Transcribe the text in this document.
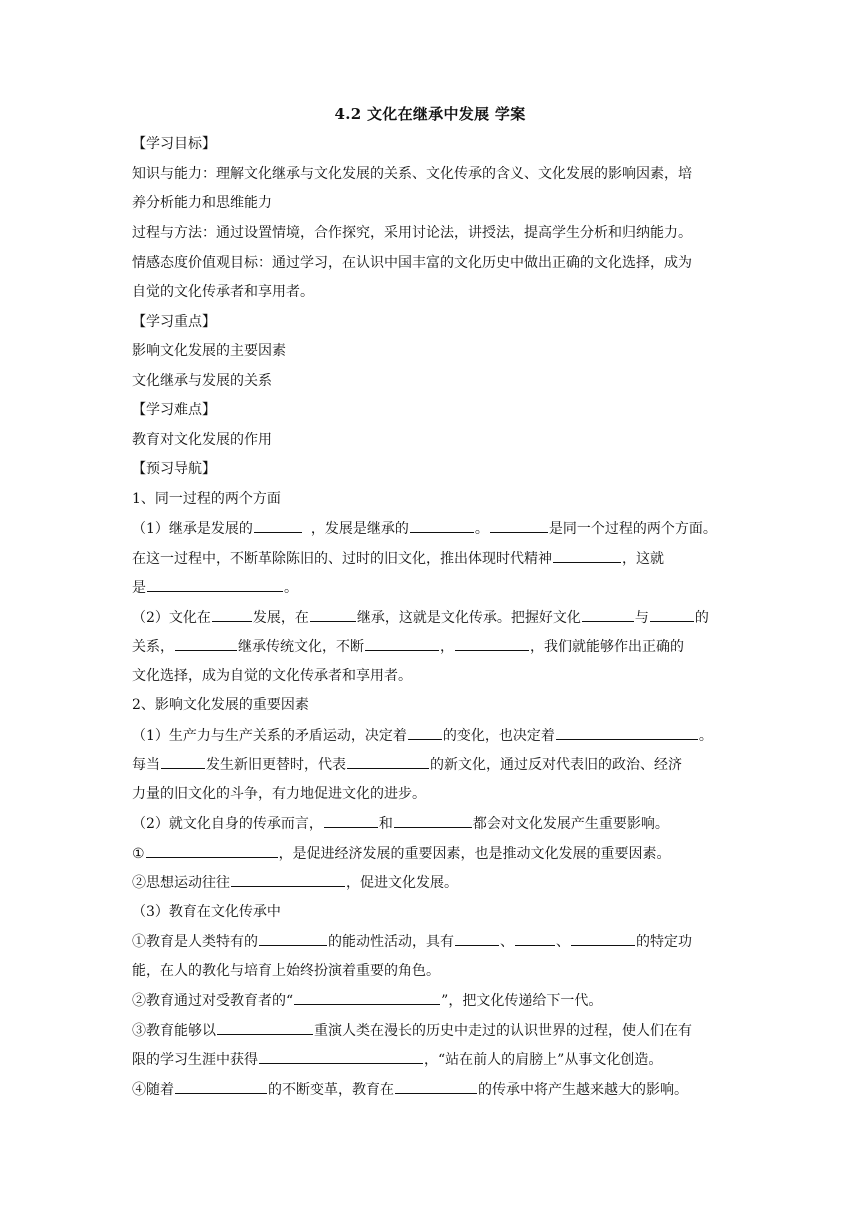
4.2 文化在继承中发展 学案
【学习目标】
知识与能力：理解文化继承与文化发展的关系、文化传承的含义、文化发展的影响因素，培
养分析能力和思维能力
过程与方法：通过设置情境，合作探究，采用讨论法，讲授法，提高学生分析和归纳能力。
情感态度价值观目标：通过学习，在认识中国丰富的文化历史中做出正确的文化选择，成为
自觉的文化传承者和享用者。
【学习重点】
影响文化发展的主要因素
文化继承与发展的关系
【学习难点】
教育对文化发展的作用
【预习导航】
1、同一过程的两个方面
（1）继承是发展的	，发展是继承的	。	是同一个过程的两个方面。
在这一过程中，不断革除陈旧的、过时的旧文化，推出体现时代精神	，这就
是	。
（2）文化在	发展，在	继承，这就是文化传承。把握好文化	与	的
关系，	继承传统文化，不断	，	，我们就能够作出正确的
文化选择，成为自觉的文化传承者和享用者。
2、影响文化发展的重要因素
（1）生产力与生产关系的矛盾运动，决定着	的变化，也决定着	。
每当	发生新旧更替时，代表	的新文化，通过反对代表旧的政治、经济
力量的旧文化的斗争，有力地促进文化的进步。
（2）就文化自身的传承而言，	和	都会对文化发展产生重要影响。
①	，是促进经济发展的重要因素，也是推动文化发展的重要因素。
②思想运动往往	，促进文化发展。
（3）教育在文化传承中
①教育是人类特有的	的能动性活动，具有	、	、	的特定功
能，在人的教化与培育上始终扮演着重要的角色。
②教育通过对受教育者的“	”，把文化传递给下一代。
③教育能够以	重演人类在漫长的历史中走过的认识世界的过程，使人们在有
限的学习生涯中获得	，“站在前人的肩膀上”从事文化创造。
④随着	的不断变革，教育在	的传承中将产生越来越大的影响。
